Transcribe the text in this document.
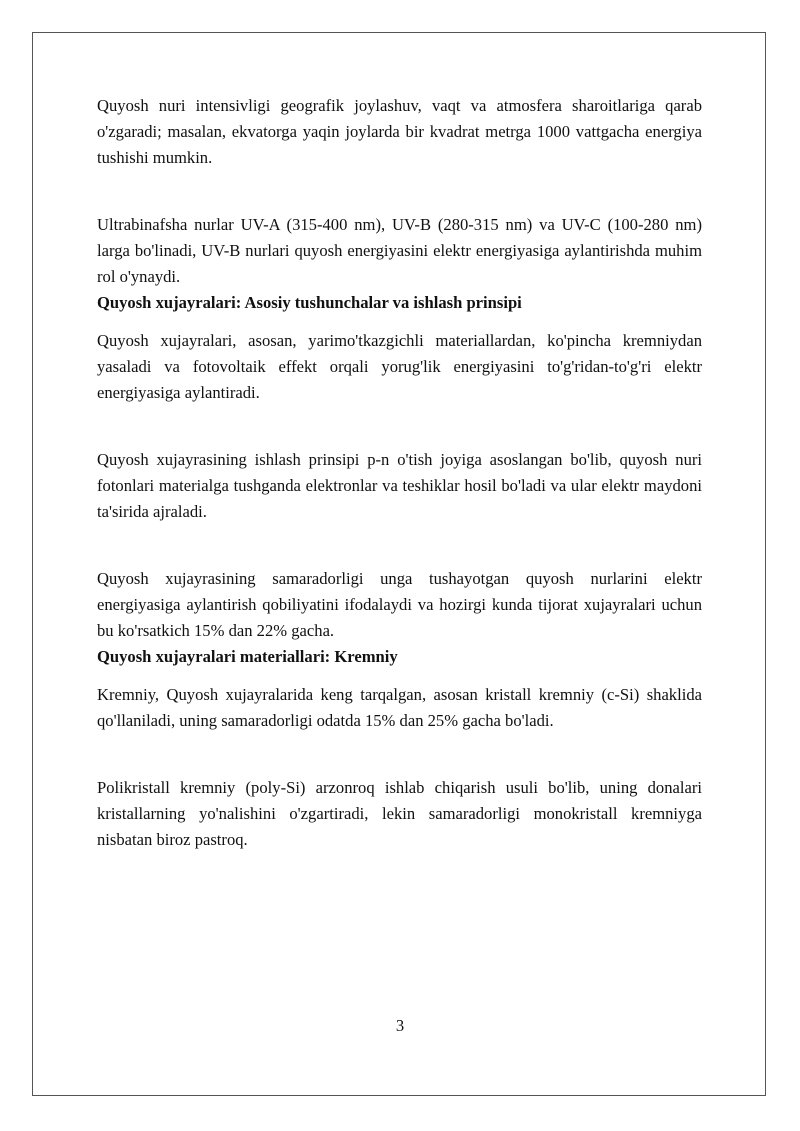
Quyosh nuri intensivligi geografik joylashuv, vaqt va atmosfera sharoitlariga qarab o'zgaradi; masalan, ekvatorga yaqin joylarda bir kvadrat metrga 1000 vattgacha energiya tushishi mumkin.

Ultrabinafsha nurlar UV-A (315-400 nm), UV-B (280-315 nm) va UV-C (100-280 nm) larga bo'linadi, UV-B nurlari quyosh energiyasini elektr energiyasiga aylantirishda muhim rol o'ynaydi.

Quyosh xujayralari: Asosiy tushunchalar va ishlash prinsipi

Quyosh xujayralari, asosan, yarimo'tkazgichli materiallardan, ko'pincha kremniydan yasaladi va fotovoltaik effekt orqali yorug'lik energiyasini to'g'ridan-to'g'ri elektr energiyasiga aylantiradi.

Quyosh xujayrasining ishlash prinsipi p-n o'tish joyiga asoslangan bo'lib, quyosh nuri fotonlari materialga tushganda elektronlar va teshiklar hosil bo'ladi va ular elektr maydoni ta'sirida ajraladi.

Quyosh xujayrasining samaradorligi unga tushayotgan quyosh nurlarini elektr energiyasiga aylantirish qobiliyatini ifodalaydi va hozirgi kunda tijorat xujayralari uchun bu ko'rsatkich 15% dan 22% gacha.

Quyosh xujayralari materiallari: Kremniy

Kremniy, Quyosh xujayralarida keng tarqalgan, asosan kristall kremniy (c-Si) shaklida qo'llaniladi, uning samaradorligi odatda 15% dan 25% gacha bo'ladi.

Polikristall kremniy (poly-Si) arzonroq ishlab chiqarish usuli bo'lib, uning donalari kristallarning yo'nalishini o'zgartiradi, lekin samaradorligi monokristall kremniyga nisbatan biroz pastroq.

3
